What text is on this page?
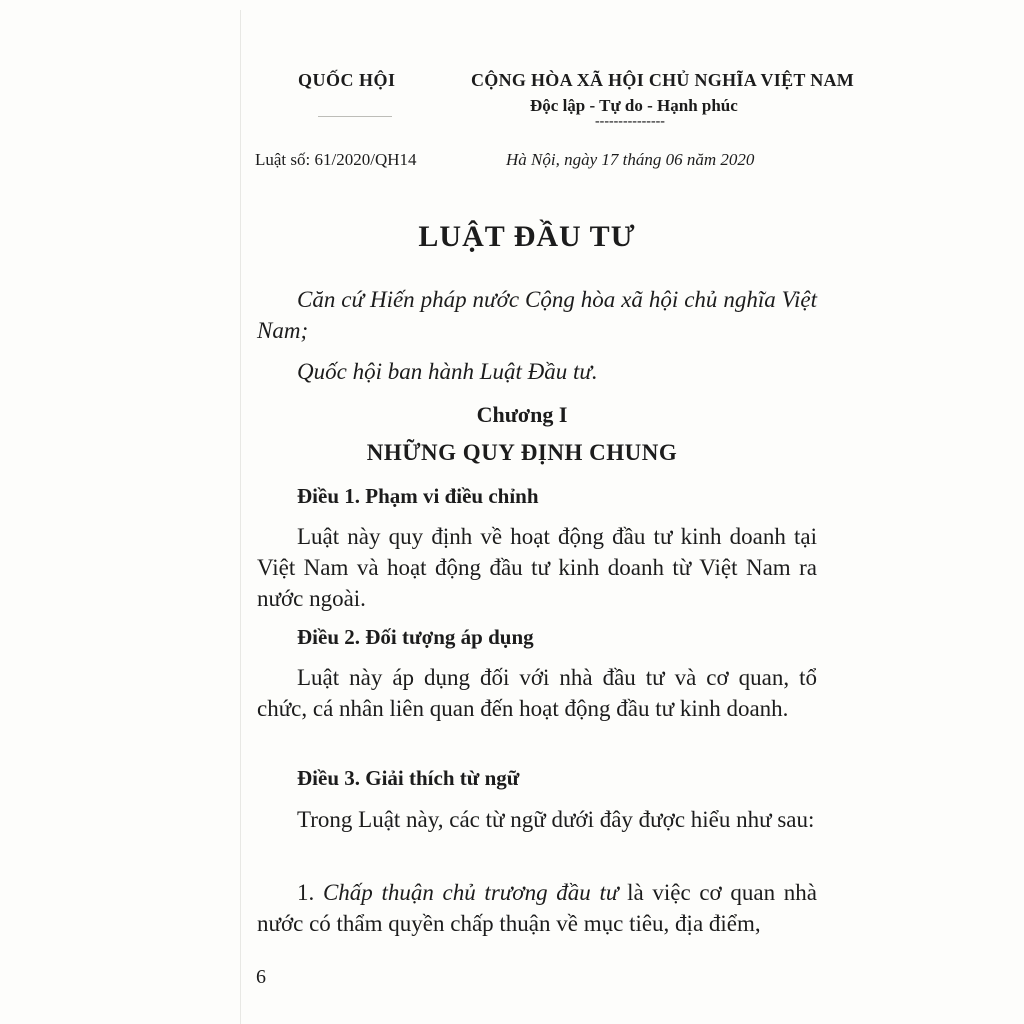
QUỐC HỘI	CỘNG HÒA XÃ HỘI CHỦ NGHĨA VIỆT NAM
Độc lập - Tự do - Hạnh phúc
---------------
Luật số: 61/2020/QH14	Hà Nội, ngày 17 tháng 06 năm 2020
LUẬT ĐẦU TƯ
Căn cứ Hiến pháp nước Cộng hòa xã hội chủ nghĩa Việt Nam;
Quốc hội ban hành Luật Đầu tư.
Chương I
NHỮNG QUY ĐỊNH CHUNG
Điều 1. Phạm vi điều chỉnh
Luật này quy định về hoạt động đầu tư kinh doanh tại Việt Nam và hoạt động đầu tư kinh doanh từ Việt Nam ra nước ngoài.
Điều 2. Đối tượng áp dụng
Luật này áp dụng đối với nhà đầu tư và cơ quan, tổ chức, cá nhân liên quan đến hoạt động đầu tư kinh doanh.
Điều 3. Giải thích từ ngữ
Trong Luật này, các từ ngữ dưới đây được hiểu như sau:
1. Chấp thuận chủ trương đầu tư là việc cơ quan nhà nước có thẩm quyền chấp thuận về mục tiêu, địa điểm,
6
